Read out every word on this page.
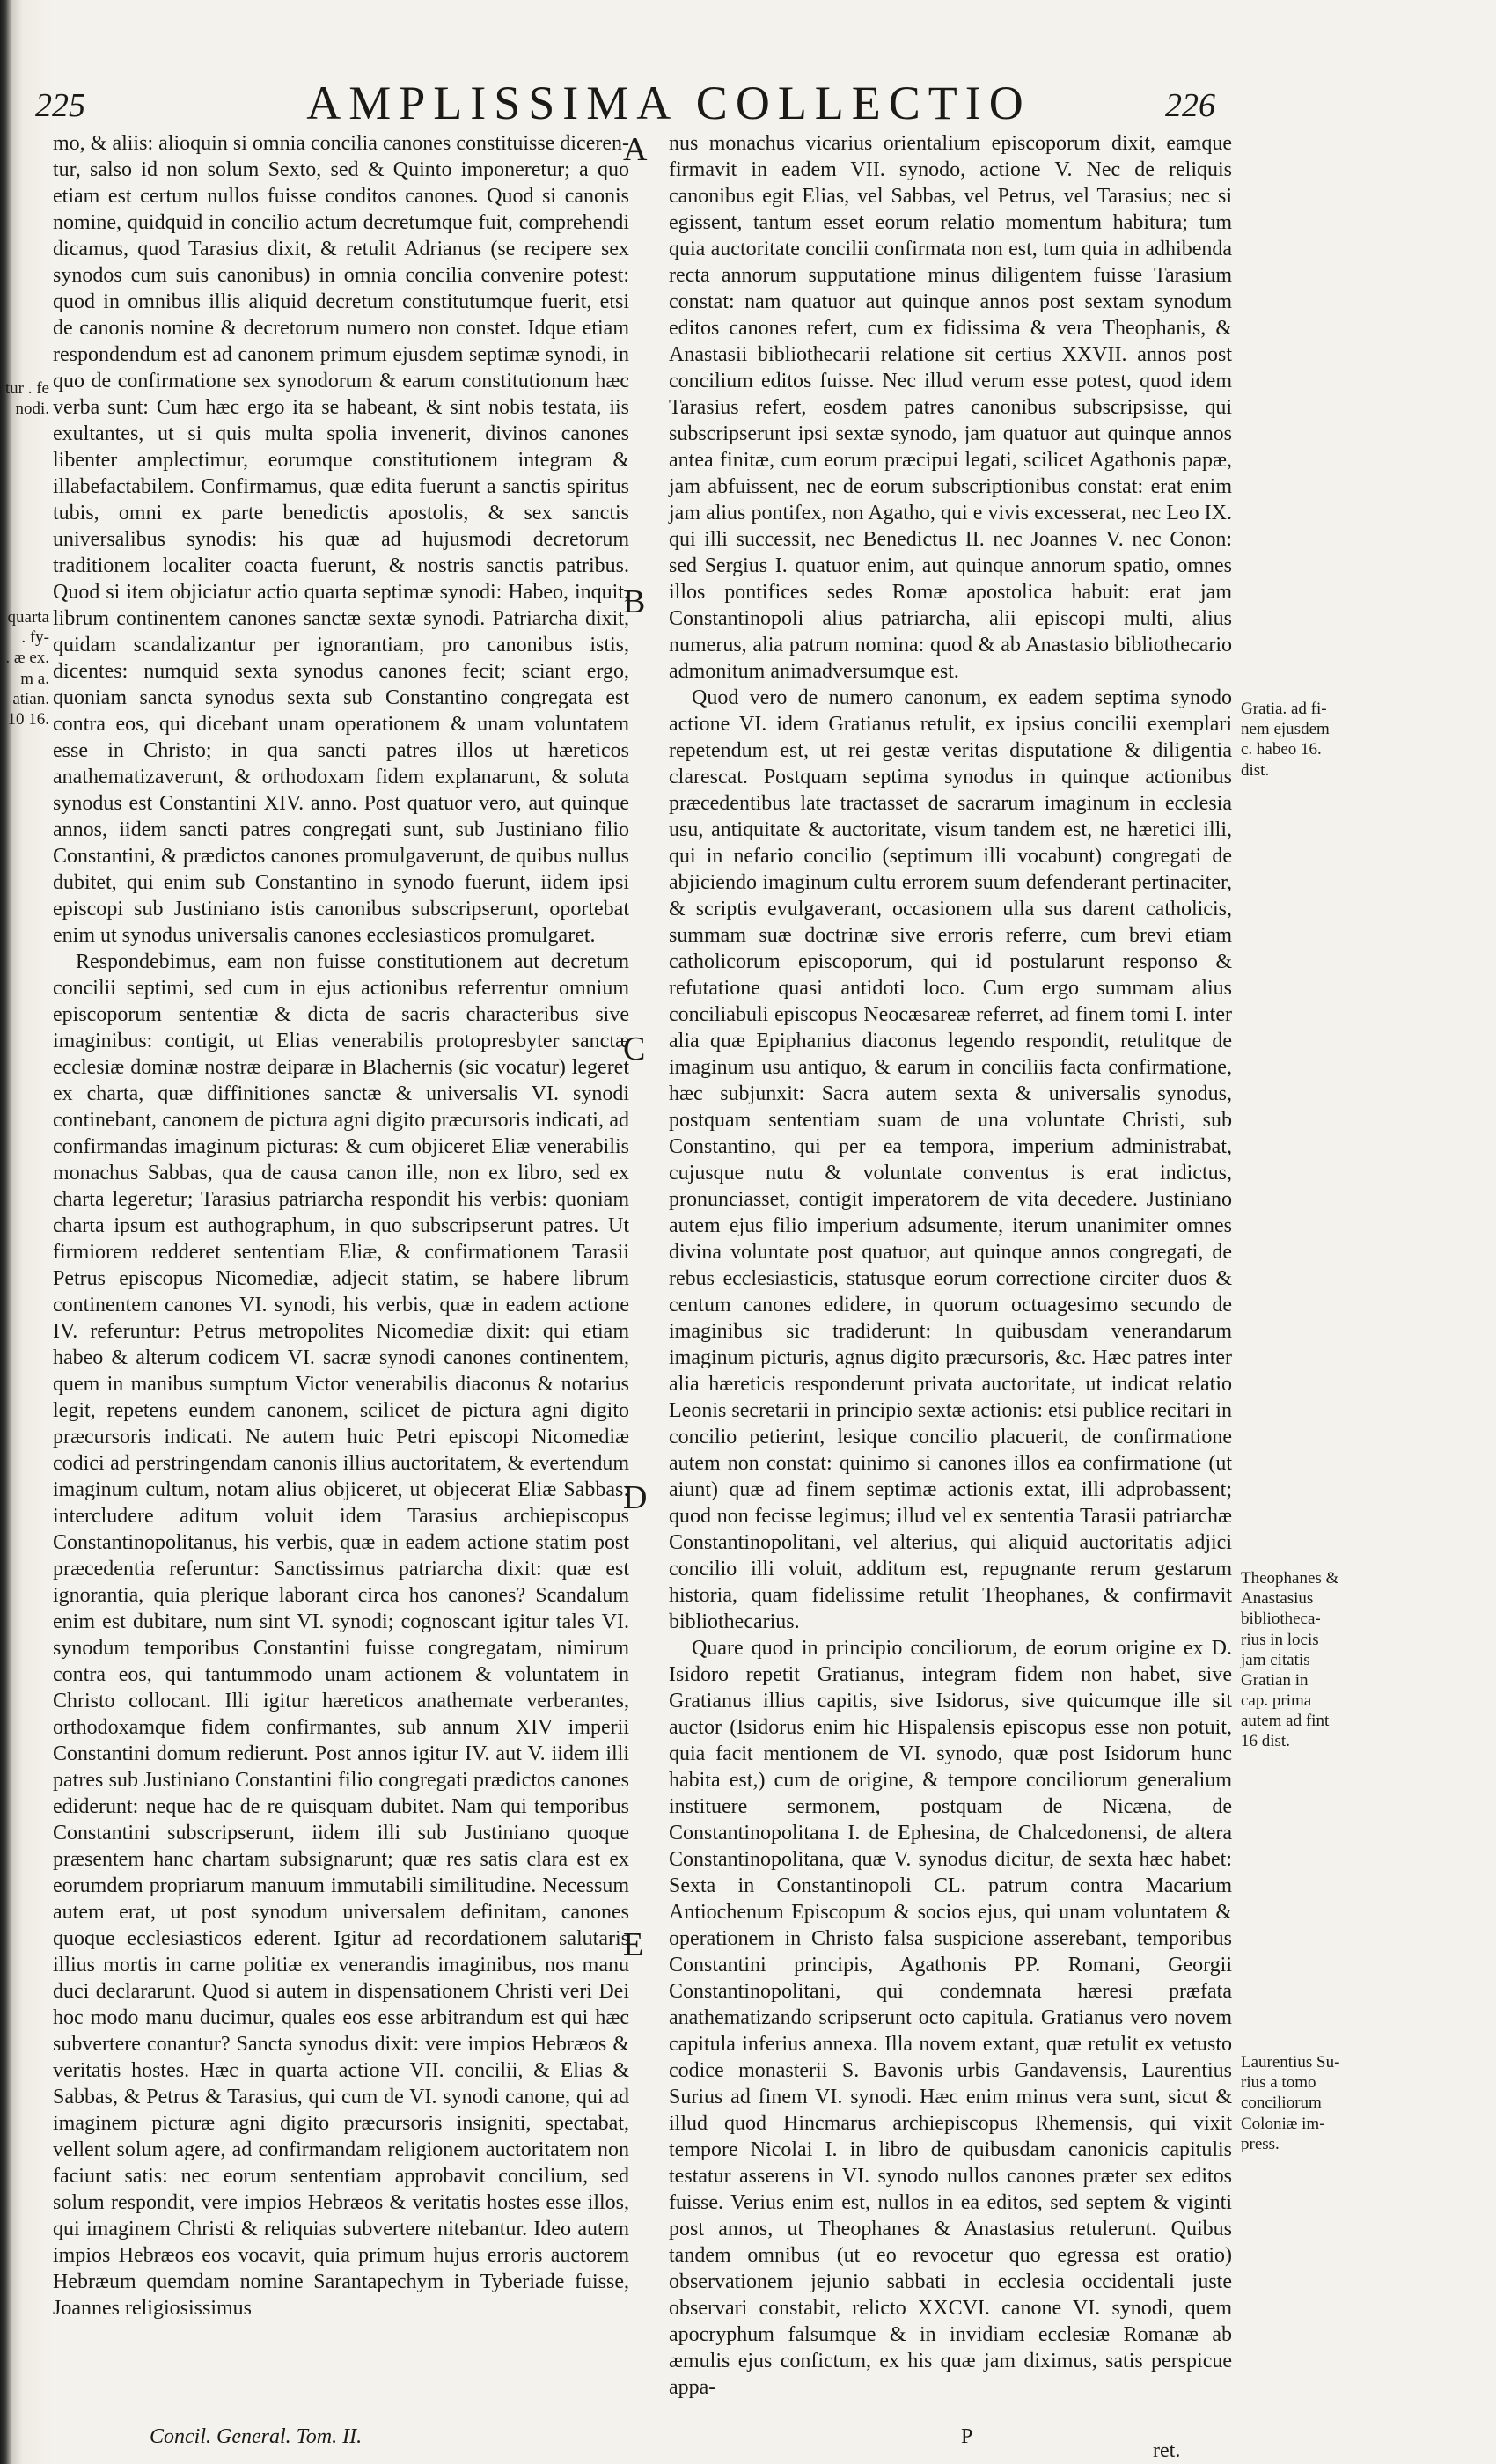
225	AMPLISSIMA COLLECTIO	226
tur . fe
nodi.
quarta
. fy-
. æ ex.
m a.
atian.
10 16.

mo, & aliis: alioquin si omnia concilia canones constituisse diceren-tur, salso id non solum Sexto, sed & Quinto imponeretur; a quo etiam est certum nullos fuisse conditos canones. Quod si canonis nomine, quidquid in concilio actum decretumque fuit, comprehendi dicamus, quod Tarasius dixit, & retulit Adrianus (se recipere sex synodos cum suis canonibus) in omnia concilia convenire potest: quod in omnibus illis aliquid decretum constitutumque fuerit, etsi de canonis nomine & decretorum numero non constet. Idque etiam respondendum est ad canonem primum ejusdem septimæ synodi, in quo de confirmatione sex synodorum & earum constitutionum hæc verba sunt: Cum hæc ergo ita se habeant, & sint nobis testata, iis exultantes, ut si quis multa spolia invenerit, divinos canones libenter amplectimur, eorumque constitutionem integram & illabefactabilem. Confirmamus, quæ edita fuerunt a sanctis spiritus tubis, omni ex parte benedictis apostolis, & sex sanctis universalibus synodis: his quæ ad hujusmodi decretorum traditionem localiter coacta fuerunt, & nostris sanctis patribus. Quod si item objiciatur actio quarta septimæ synodi: Habeo, inquit, librum continentem canones sanctæ sextæ synodi. Patriarcha dixit, quidam scandalizantur per ignorantiam, pro canonibus istis, dicentes: numquid sexta synodus canones fecit; sciant ergo, quoniam sancta synodus sexta sub Constantino congregata est contra eos, qui dicebant unam operationem & unam voluntatem esse in Christo; in qua sancti patres illos ut hæreticos anathematizaverunt, & orthodoxam fidem explanarunt, & soluta synodus est Constantini XIV. anno. Post quatuor vero, aut quinque annos, iidem sancti patres congregati sunt, sub Justiniano filio Constantini, & prædictos canones promulgaverunt, de quibus nullus dubitet, qui enim sub Constantino in synodo fuerunt, iidem ipsi episcopi sub Justiniano istis canonibus subscripserunt, oportebat enim ut synodus universalis canones ecclesiasticos promulgaret.

Respondebimus, eam non fuisse constitutionem aut decretum concilii septimi, sed cum in ejus actionibus referrentur omnium episcoporum sententiæ & dicta de sacris characteribus sive imaginibus: contigit, ut Elias venerabilis protopresbyter sanctæ ecclesiæ dominæ nostræ deiparæ in Blachernis (sic vocatur) legeret ex charta, quæ diffinitiones sanctæ & universalis VI. synodi continebant, canonem de pictura agni digito præcursoris indicati, ad confirmandas imaginum picturas: & cum objiceret Eliæ venerabilis monachus Sabbas, qua de causa canon ille, non ex libro, sed ex charta legeretur; Tarasius patriarcha respondit his verbis: quoniam charta ipsum est authographum, in quo subscripserunt patres. Ut firmiorem redderet sententiam Eliæ, & confirmationem Tarasii Petrus episcopus Nicomediæ, adjecit statim, se habere librum continentem canones VI. synodi, his verbis, quæ in eadem actione IV. referuntur: Petrus metropolites Nicomediæ dixit: qui etiam habeo & alterum codicem VI. sacræ synodi canones continentem, quem in manibus sumptum Victor venerabilis diaconus & notarius legit, repetens eundem canonem, scilicet de pictura agni digito præcursoris indicati. Ne autem huic Petri episcopi Nicomediæ codici ad perstringendam canonis illius auctoritatem, & evertendum imaginum cultum, notam alius objiceret, ut objecerat Eliæ Sabbas: intercludere aditum voluit idem Tarasius archiepiscopus Constantinopolitanus, his verbis, quæ in eadem actione statim post præcedentia referuntur: Sanctissimus patriarcha dixit: quæ est ignorantia, quia plerique laborant circa hos canones? Scandalum enim est dubitare, num sint VI. synodi; cognoscant igitur tales VI. synodum temporibus Constantini fuisse congregatam, nimirum contra eos, qui tantummodo unam actionem & voluntatem in Christo collocant. Illi igitur hæreticos anathemate verberantes, orthodoxamque fidem confirmantes, sub annum XIV imperii Constantini domum redierunt. Post annos igitur IV. aut V. iidem illi patres sub Justiniano Constantini filio congregati prædictos canones ediderunt: neque hac de re quisquam dubitet. Nam qui temporibus Constantini subscripserunt, iidem illi sub Justiniano quoque præsentem hanc chartam subsignarunt; quæ res satis clara est ex eorumdem propriarum manuum immutabili similitudine. Necessum autem erat, ut post synodum universalem definitam, canones quoque ecclesiasticos ederent. Igitur ad recordationem salutaris illius mortis in carne politiæ ex venerandis imaginibus, nos manu duci declararunt. Quod si autem in dispensationem Christi veri Dei hoc modo manu ducimur, quales eos esse arbitrandum est qui hæc subvertere conantur? Sancta synodus dixit: vere impios Hebræos & veritatis hostes. Hæc in quarta actione VII. concilii, & Elias & Sabbas, & Petrus & Tarasius, qui cum de VI. synodi canone, qui ad imaginem picturæ agni digito præcursoris insigniti, spectabat, vellent solum agere, ad confirmandam religionem auctoritatem non faciunt satis: nec eorum sententiam approbavit concilium, sed solum respondit, vere impios Hebræos & veritatis hostes esse illos, qui imaginem Christi & reliquias subvertere nitebantur. Ideo autem impios Hebræos eos vocavit, quia primum hujus erroris auctorem Hebræum quemdam nomine Sarantapechym in Tyberiade fuisse, Joannes religiosissimus

A
B
C
D
E

nus monachus vicarius orientalium episcoporum dixit, eamque firmavit in eadem VII. synodo, actione V. Nec de reliquis canonibus egit Elias, vel Sabbas, vel Petrus, vel Tarasius; nec si egissent, tantum esset eorum relatio momentum habitura; tum quia auctoritate concilii confirmata non est, tum quia in adhibenda recta annorum supputatione minus diligentem fuisse Tarasium constat: nam quatuor aut quinque annos post sextam synodum editos canones refert, cum ex fidissima & vera Theophanis, & Anastasii bibliothecarii relatione sit certius XXVII. annos post concilium editos fuisse. Nec illud verum esse potest, quod idem Tarasius refert, eosdem patres canonibus subscripsisse, qui subscripserunt ipsi sextæ synodo, jam quatuor aut quinque annos antea finitæ, cum eorum præcipui legati, scilicet Agathonis papæ, jam abfuissent, nec de eorum subscriptionibus constat: erat enim jam alius pontifex, non Agatho, qui e vivis excesserat, nec Leo IX. qui illi successit, nec Benedictus II. nec Joannes V. nec Conon: sed Sergius I. quatuor enim, aut quinque annorum spatio, omnes illos pontifices sedes Romæ apostolica habuit: erat jam Constantinopoli alius patriarcha, alii episcopi multi, alius numerus, alia patrum nomina: quod & ab Anastasio bibliothecario admonitum animadversumque est.

Quod vero de numero canonum, ex eadem septima synodo actione VI. idem Gratianus retulit, ex ipsius concilii exemplari repetendum est, ut rei gestæ veritas disputatione & diligentia clarescat. Postquam septima synodus in quinque actionibus præcedentibus late tractasset de sacrarum imaginum in ecclesia usu, antiquitate & auctoritate, visum tandem est, ne hæretici illi, qui in nefario concilio (septimum illi vocabunt) congregati de abjiciendo imaginum cultu errorem suum defenderant pertinaciter, & scriptis evulgaverant, occasionem ulla sus darent catholicis, summam suæ doctrinæ sive erroris referre, cum brevi etiam catholicorum episcoporum, qui id postularunt responso & refutatione quasi antidoti loco. Cum ergo summam alius conciliabuli episcopus Neocæsareæ referret, ad finem tomi I. inter alia quæ Epiphanius diaconus legendo respondit, retulitque de imaginum usu antiquo, & earum in conciliis facta confirmatione, hæc subjunxit: Sacra autem sexta & universalis synodus, postquam sententiam suam de una voluntate Christi, sub Constantino, qui per ea tempora, imperium administrabat, cujusque nutu & voluntate conventus is erat indictus, pronunciasset, contigit imperatorem de vita decedere. Justiniano autem ejus filio imperium adsumente, iterum unanimiter omnes divina voluntate post quatuor, aut quinque annos congregati, de rebus ecclesiasticis, statusque eorum correctione circiter duos & centum canones edidere, in quorum octuagesimo secundo de imaginibus sic tradiderunt: In quibusdam venerandarum imaginum picturis, agnus digito præcursoris, &c. Hæc patres inter alia hæreticis responderunt privata auctoritate, ut indicat relatio Leonis secretarii in principio sextæ actionis: etsi publice recitari in concilio petierint, lesique concilio placuerit, de confirmatione autem non constat: quinimo si canones illos ea confirmatione (ut aiunt) quæ ad finem septimæ actionis extat, illi adprobassent; quod non fecisse legimus; illud vel ex sententia Tarasii patriarchæ Constantinopolitani, vel alterius, qui aliquid auctoritatis adjici concilio illi voluit, additum est, repugnante rerum gestarum historia, quam fidelissime retulit Theophanes, & confirmavit bibliothecarius.

Quare quod in principio conciliorum, de eorum origine ex D. Isidoro repetit Gratianus, integram fidem non habet, sive Gratianus illius capitis, sive Isidorus, sive quicumque ille sit auctor (Isidorus enim hic Hispalensis episcopus esse non potuit, quia facit mentionem de VI. synodo, quæ post Isidorum hunc habita est,) cum de origine, & tempore conciliorum generalium instituere sermonem, postquam de Nicæna, de Constantinopolitana I. de Ephesina, de Chalcedonensi, de altera Constantinopolitana, quæ V. synodus dicitur, de sexta hæc habet: Sexta in Constantinopoli CL. patrum contra Macarium Antiochenum Episcopum & socios ejus, qui unam voluntatem & operationem in Christo falsa suspicione asserebant, temporibus Constantini principis, Agathonis PP. Romani, Georgii Constantinopolitani, qui condemnata hæresi præfata anathematizando scripserunt octo capitula. Gratianus vero novem capitula inferius annexa. Illa novem extant, quæ retulit ex vetusto codice monasterii S. Bavonis urbis Gandavensis, Laurentius Surius ad finem VI. synodi. Hæc enim minus vera sunt, sicut & illud quod Hincmarus archiepiscopus Rhemensis, qui vixit tempore Nicolai I. in libro de quibusdam canonicis capitulis testatur asserens in VI. synodo nullos canones præter sex editos fuisse. Verius enim est, nullos in ea editos, sed septem & viginti post annos, ut Theophanes & Anastasius retulerunt. Quibus tandem omnibus (ut eo revocetur quo egressa est oratio) observationem jejunio sabbati in ecclesia occidentali juste observari constabit, relicto XXCVI. canone VI. synodi, quem apocryphum falsumque & in invidiam ecclesiæ Romanæ ab æmulis ejus confictum, ex his quæ jam diximus, satis perspicue appa-

Gratia. ad fi-
nem ejusdem
c. habeo 16.
dist.
Theophanes &
Anastasius
bibliotheca-
rius in locis
jam citatis
Gratian in
cap. prima
autem ad fint
16 dist.
Laurentius Su-
rius a tomo
conciliorum
Coloniæ im-
press.
Concil. General. Tom. II.	P
ret.
